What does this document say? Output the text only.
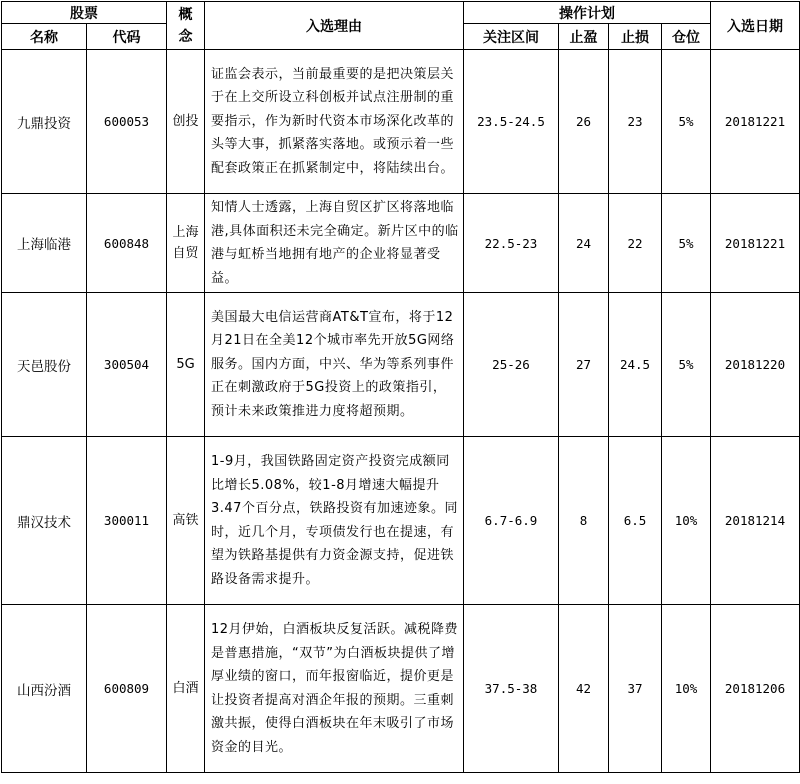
股票		概念	入选理由	操作计划				入选日期
名称	代码			关注区间	止盈	止损	仓位	
九鼎投资	600053	创投	证监会表示，当前最重要的是把决策层关于在上交所设立科创板并试点注册制的重要指示，作为新时代资本市场深化改革的头等大事，抓紧落实落地。或预示着一些配套政策正在抓紧制定中，将陆续出台。	23.5-24.5	26	23	5%	20181221
上海临港	600848	上海自贸	知情人士透露，上海自贸区扩区将落地临港,具体面积还未完全确定。新片区中的临港与虹桥当地拥有地产的企业将显著受益。	22.5-23	24	22	5%	20181221
天邑股份	300504	5G	美国最大电信运营商AT&T宣布，将于12月21日在全美12个城市率先开放5G网络服务。国内方面，中兴、华为等系列事件正在刺激政府于5G投资上的政策指引，预计未来政策推进力度将超预期。	25-26	27	24.5	5%	20181220
鼎汉技术	300011	高铁	1-9月，我国铁路固定资产投资完成额同比增长5.08%，较1-8月增速大幅提升3.47个百分点，铁路投资有加速迹象。同时，近几个月，专项债发行也在提速，有望为铁路基提供有力资金源支持，促进铁路设备需求提升。	6.7-6.9	8	6.5	10%	20181214
山西汾酒	600809	白酒	12月伊始，白酒板块反复活跃。减税降费是普惠措施，“双节”为白酒板块提供了增厚业绩的窗口，而年报窗临近，提价更是让投资者提高对酒企年报的预期。三重刺激共振，使得白酒板块在年末吸引了市场资金的目光。	37.5-38	42	37	10%	20181206
